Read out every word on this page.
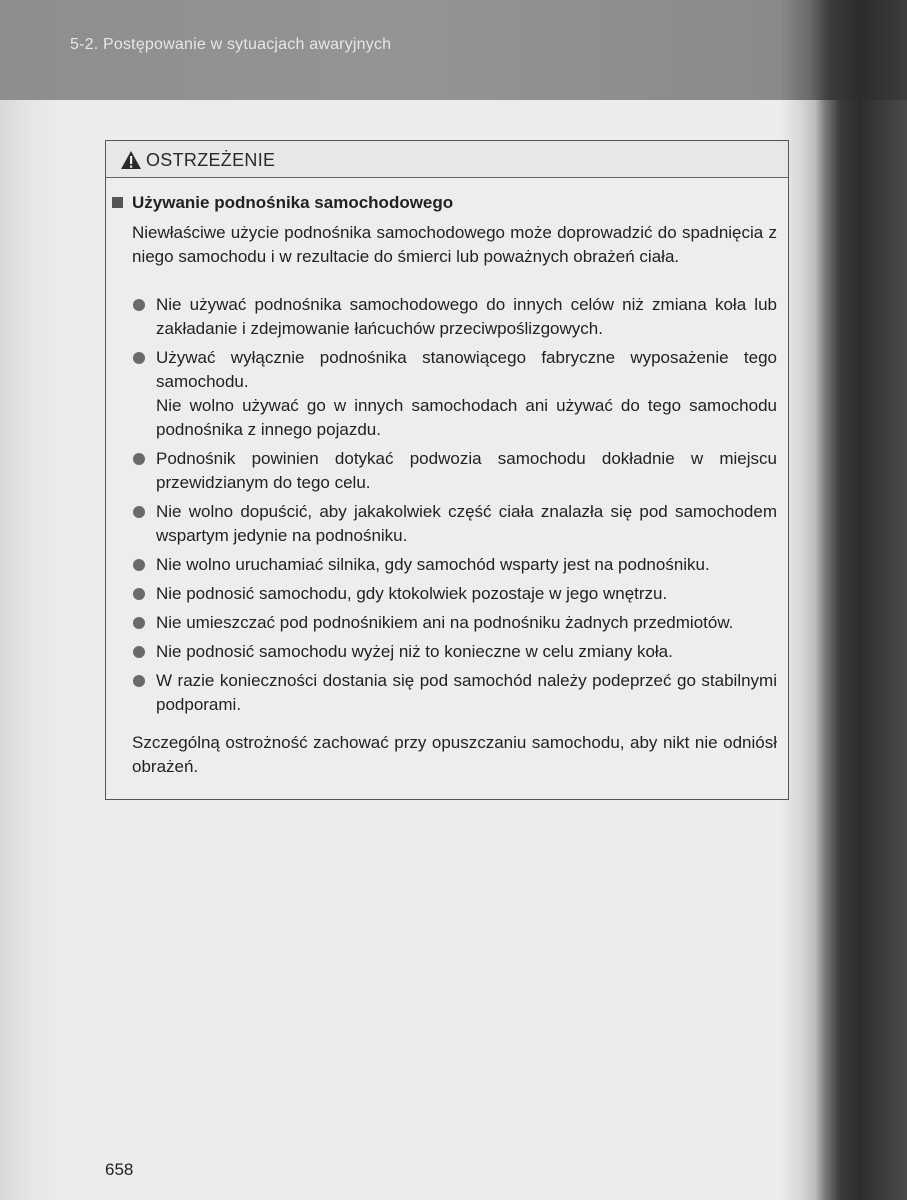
5-2. Postępowanie w sytuacjach awaryjnych
OSTRZEŻENIE
Używanie podnośnika samochodowego
Niewłaściwe użycie podnośnika samochodowego może doprowadzić do spadnięcia z niego samochodu i w rezultacie do śmierci lub poważnych obrażeń ciała.
Nie używać podnośnika samochodowego do innych celów niż zmiana koła lub zakładanie i zdejmowanie łańcuchów przeciwpoślizgowych.
Używać wyłącznie podnośnika stanowiącego fabryczne wyposażenie tego samochodu.
Nie wolno używać go w innych samochodach ani używać do tego samochodu podnośnika z innego pojazdu.
Podnośnik powinien dotykać podwozia samochodu dokładnie w miejscu przewidzianym do tego celu.
Nie wolno dopuścić, aby jakakolwiek część ciała znalazła się pod samochodem wspartym jedynie na podnośniku.
Nie wolno uruchamiać silnika, gdy samochód wsparty jest na podnośniku.
Nie podnosić samochodu, gdy ktokolwiek pozostaje w jego wnętrzu.
Nie umieszczać pod podnośnikiem ani na podnośniku żadnych przedmiotów.
Nie podnosić samochodu wyżej niż to konieczne w celu zmiany koła.
W razie konieczności dostania się pod samochód należy podeprzeć go stabilnymi podporami.
Szczególną ostrożność zachować przy opuszczaniu samochodu, aby nikt nie odniósł obrażeń.
658
